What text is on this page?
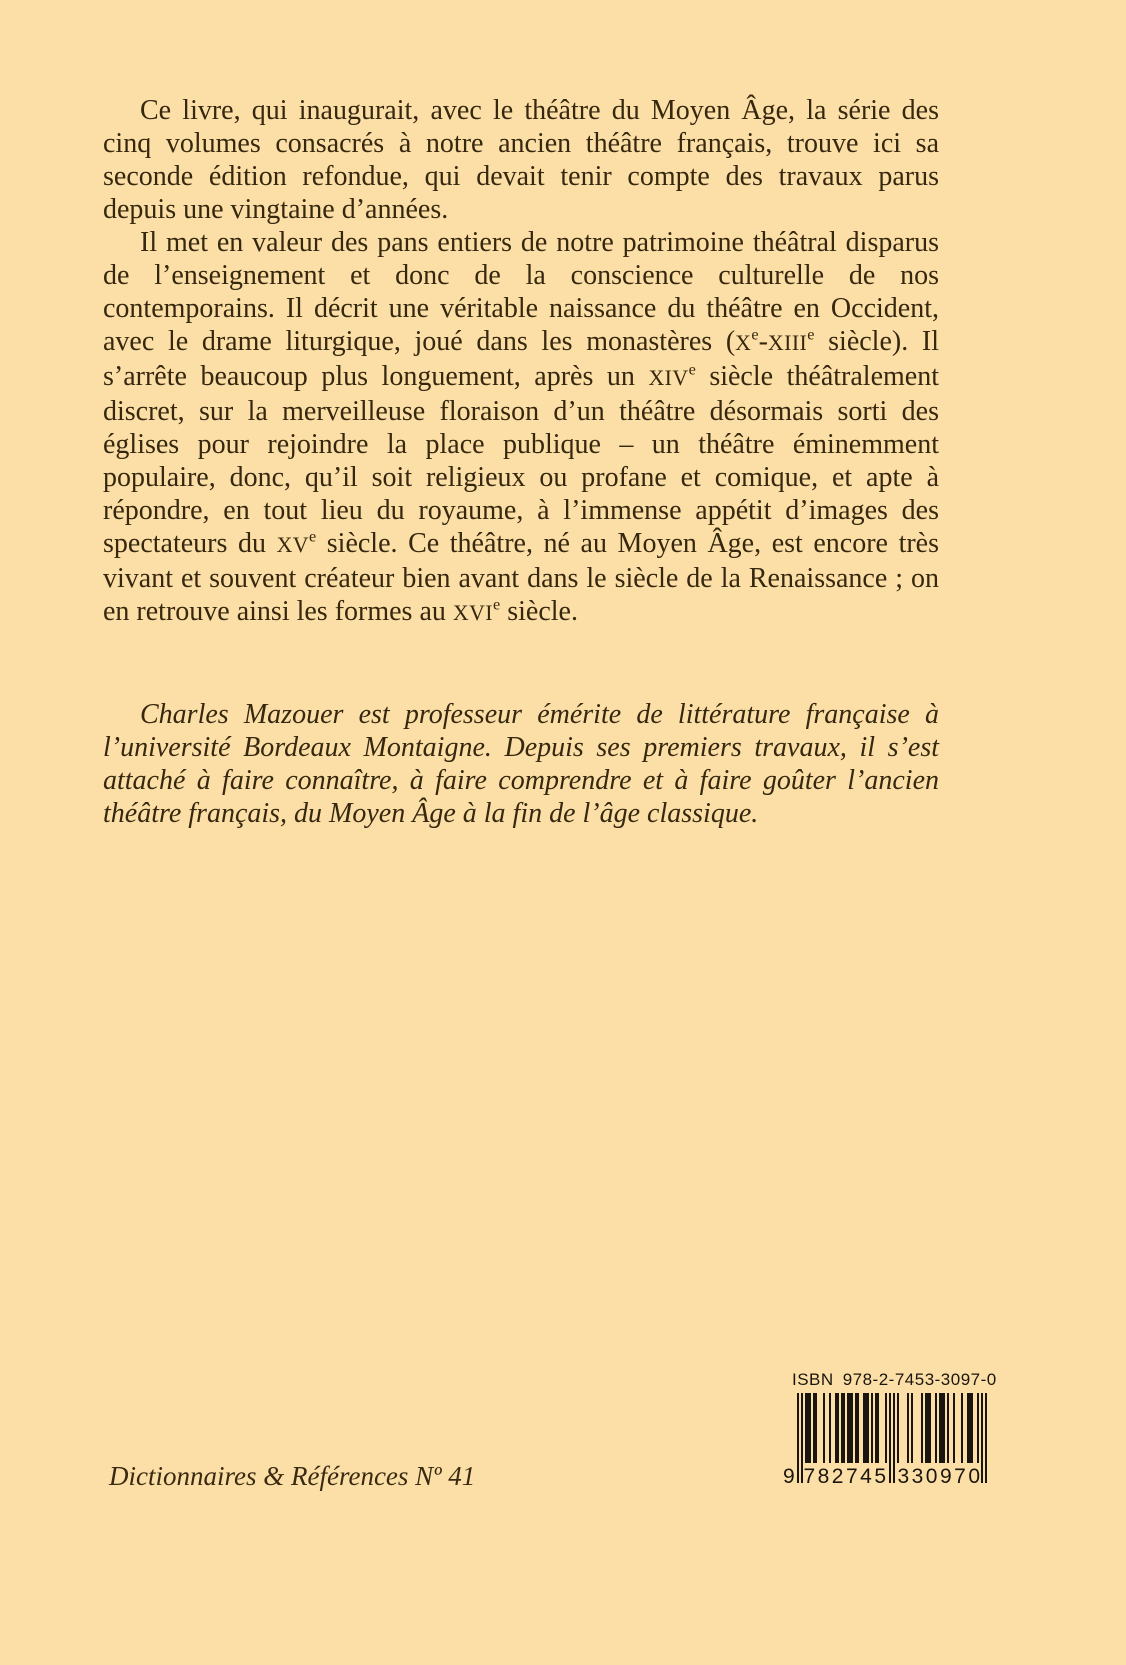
Ce livre, qui inaugurait, avec le théâtre du Moyen Âge, la série des cinq volumes consacrés à notre ancien théâtre français, trouve ici sa seconde édition refondue, qui devait tenir compte des travaux parus depuis une vingtaine d’années.

Il met en valeur des pans entiers de notre patrimoine théâtral disparus de l’enseignement et donc de la conscience culturelle de nos contemporains. Il décrit une véritable naissance du théâtre en Occident, avec le drame liturgique, joué dans les monastères (Xe-XIIIe siècle). Il s’arrête beaucoup plus longuement, après un XIVe siècle théâtralement discret, sur la merveilleuse floraison d’un théâtre désormais sorti des églises pour rejoindre la place publique – un théâtre éminemment populaire, donc, qu’il soit religieux ou profane et comique, et apte à répondre, en tout lieu du royaume, à l’immense appétit d’images des spectateurs du XVe siècle. Ce théâtre, né au Moyen Âge, est encore très vivant et souvent créateur bien avant dans le siècle de la Renaissance ; on en retrouve ainsi les formes au XVIe siècle.

Charles Mazouer est professeur émérite de littérature française à l’université Bordeaux Montaigne. Depuis ses premiers travaux, il s’est attaché à faire connaître, à faire comprendre et à faire goûter l’ancien théâtre français, du Moyen Âge à la fin de l’âge classique.

Dictionnaires & Références Nº 41
ISBN 978-2-7453-3097-0
9 782745 330970
